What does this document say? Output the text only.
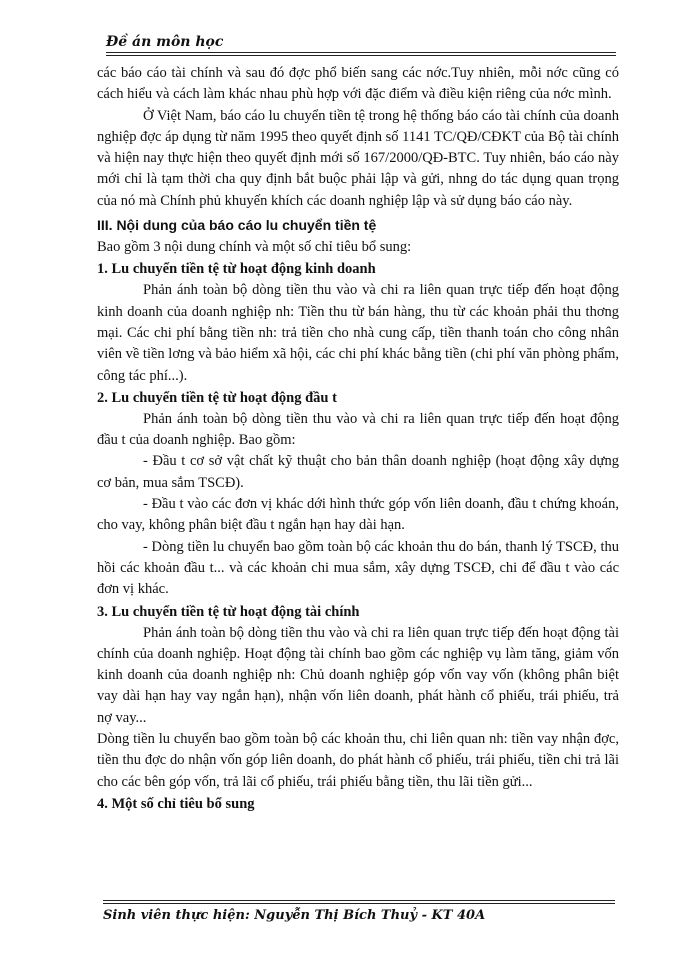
Đề án môn học

các báo cáo tài chính và sau đó đợc phổ biến sang các nớc.Tuy nhiên, mỗi nớc cũng có cách hiểu và cách làm khác nhau phù hợp với đặc điểm và điều kiện riêng của nớc mình.

Ở Việt Nam, báo cáo lu chuyển tiền tệ trong hệ thống báo cáo tài chính của doanh nghiệp đợc áp dụng từ năm 1995 theo quyết định số 1141 TC/QĐ/CĐKT của Bộ tài chính và hiện nay thực hiện theo quyết định mới số 167/2000/QĐ-BTC. Tuy nhiên, báo cáo này mới chỉ là tạm thời cha quy định bắt buộc phải lập và gửi, nhng do tác dụng quan trọng của nó mà Chính phủ khuyến khích các doanh nghiệp lập và sử dụng báo cáo này.

III. Nội dung của báo cáo lu chuyển tiền tệ

Bao gồm 3 nội dung chính và một số chỉ tiêu bổ sung:

1. Lu chuyển tiền tệ từ hoạt động kinh doanh

Phản ánh toàn bộ dòng tiền thu vào và chi ra liên quan trực tiếp đến hoạt động kinh doanh của doanh nghiệp nh: Tiền thu từ bán hàng, thu từ các khoản phải thu thơng mại. Các chi phí bằng tiền nh: trả tiền cho nhà cung cấp, tiền thanh toán cho công nhân viên về tiền lơng và bảo hiểm xã hội, các chi phí khác bằng tiền (chi phí văn phòng phẩm, công tác phí...).

2. Lu chuyển tiền tệ từ hoạt động đầu t

Phản ánh toàn bộ dòng tiền thu vào và chi ra liên quan trực tiếp đến hoạt động đầu t của doanh nghiệp. Bao gồm:

- Đầu t cơ sở vật chất kỹ thuật cho bản thân doanh nghiệp (hoạt động xây dựng cơ bản, mua sắm TSCĐ).

- Đầu t vào các đơn vị khác dới hình thức góp vốn liên doanh, đầu t chứng khoán, cho vay, không phân biệt đầu t ngắn hạn hay dài hạn.

- Dòng tiền lu chuyển bao gồm toàn bộ các khoản thu do bán, thanh lý TSCĐ, thu hồi các khoản đầu t... và các khoản chi mua sắm, xây dựng TSCĐ, chi để đầu t vào các đơn vị khác.

3. Lu chuyển tiền tệ từ hoạt động tài chính

Phản ánh toàn bộ dòng tiền thu vào và chi ra liên quan trực tiếp đến hoạt động tài chính của doanh nghiệp. Hoạt động tài chính bao gồm các nghiệp vụ làm tăng, giảm vốn kinh doanh của doanh nghiệp nh: Chủ doanh nghiệp góp vốn vay vốn (không phân biệt vay dài hạn hay vay ngắn hạn), nhận vốn liên doanh, phát hành cổ phiếu, trái phiếu, trả nợ vay...

Dòng tiền lu chuyển bao gồm toàn bộ các khoản thu, chi liên quan nh: tiền vay nhận đợc, tiền thu đợc do nhận vốn góp liên doanh, do phát hành cổ phiếu, trái phiếu, tiền chi trả lãi cho các bên góp vốn, trả lãi cổ phiếu, trái phiếu bằng tiền, thu lãi tiền gửi...

4. Một số chỉ tiêu bổ sung
Sinh viên thực hiện: Nguyễn Thị Bích Thuỷ - KT 40A
